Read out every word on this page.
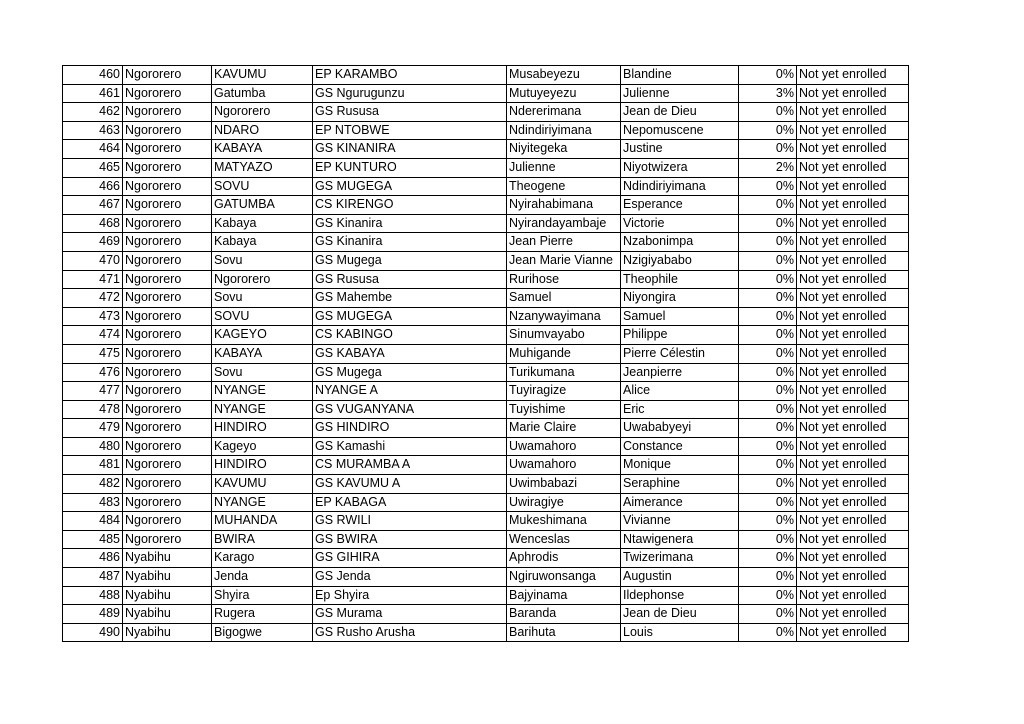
460	Ngororero	KAVUMU	EP KARAMBO	Musabeyezu	Blandine	0%	Not yet enrolled
461	Ngororero	Gatumba	GS Ngurugunzu	Mutuyeyezu	Julienne	3%	Not yet enrolled
462	Ngororero	Ngororero	GS Rususa	Ndererimana	Jean de Dieu	0%	Not yet enrolled
463	Ngororero	NDARO	EP NTOBWE	Ndindiriyimana	Nepomuscene	0%	Not yet enrolled
464	Ngororero	KABAYA	GS KINANIRA	Niyitegeka	Justine	0%	Not yet enrolled
465	Ngororero	MATYAZO	EP KUNTURO	Julienne	Niyotwizera	2%	Not yet enrolled
466	Ngororero	SOVU	GS MUGEGA	Theogene	Ndindiriyimana	0%	Not yet enrolled
467	Ngororero	GATUMBA	CS KIRENGO	Nyirahabimana	Esperance	0%	Not yet enrolled
468	Ngororero	Kabaya	GS Kinanira	Nyirandayambaje	Victorie	0%	Not yet enrolled
469	Ngororero	Kabaya	GS Kinanira	Jean Pierre	Nzabonimpa	0%	Not yet enrolled
470	Ngororero	Sovu	GS Mugega	Jean Marie Vianne	Nzigiyababo	0%	Not yet enrolled
471	Ngororero	Ngororero	GS Rususa	Rurihose	Theophile	0%	Not yet enrolled
472	Ngororero	Sovu	GS Mahembe	Samuel	Niyongira	0%	Not yet enrolled
473	Ngororero	SOVU	GS MUGEGA	Nzanywayimana	Samuel	0%	Not yet enrolled
474	Ngororero	KAGEYO	CS KABINGO	Sinumvayabo	Philippe	0%	Not yet enrolled
475	Ngororero	KABAYA	GS KABAYA	Muhigande	Pierre Célestin	0%	Not yet enrolled
476	Ngororero	Sovu	GS Mugega	Turikumana	Jeanpierre	0%	Not yet enrolled
477	Ngororero	NYANGE	NYANGE A	Tuyiragize	Alice	0%	Not yet enrolled
478	Ngororero	NYANGE	GS VUGANYANA	Tuyishime	Eric	0%	Not yet enrolled
479	Ngororero	HINDIRO	GS HINDIRO	Marie Claire	Uwababyeyi	0%	Not yet enrolled
480	Ngororero	Kageyo	GS Kamashi	Uwamahoro	Constance	0%	Not yet enrolled
481	Ngororero	HINDIRO	CS MURAMBA A	Uwamahoro	Monique	0%	Not yet enrolled
482	Ngororero	KAVUMU	GS KAVUMU A	Uwimbabazi	Seraphine	0%	Not yet enrolled
483	Ngororero	NYANGE	EP KABAGA	Uwiragiye	Aimerance	0%	Not yet enrolled
484	Ngororero	MUHANDA	GS RWILI	Mukeshimana	Vivianne	0%	Not yet enrolled
485	Ngororero	BWIRA	GS BWIRA	Wenceslas	Ntawigenera	0%	Not yet enrolled
486	Nyabihu	Karago	GS GIHIRA	Aphrodis	Twizerimana	0%	Not yet enrolled
487	Nyabihu	Jenda	GS Jenda	Ngiruwonsanga	Augustin	0%	Not yet enrolled
488	Nyabihu	Shyira	Ep Shyira	Bajyinama	Ildephonse	0%	Not yet enrolled
489	Nyabihu	Rugera	GS Murama	Baranda	Jean de Dieu	0%	Not yet enrolled
490	Nyabihu	Bigogwe	GS Rusho Arusha	Barihuta	Louis	0%	Not yet enrolled
